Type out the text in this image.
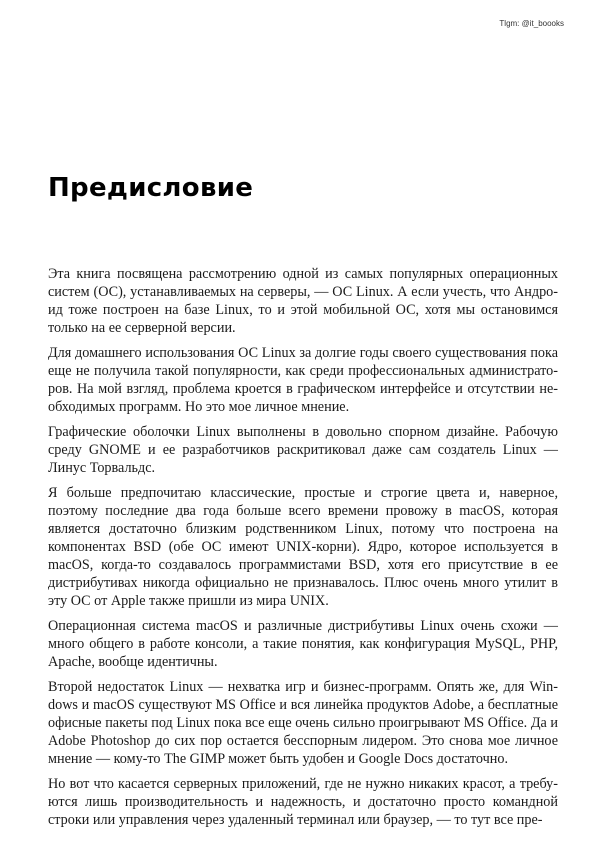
Tlgm: @it_boooks
Предисловие

Эта книга посвящена рассмотрению одной из самых популярных операционных систем (ОС), устанавливаемых на серверы, — ОС Linux. А если учесть, что Андроид тоже построен на базе Linux, то и этой мобильной ОС, хотя мы остановимся только на ее серверной версии.

Для домашнего использования ОС Linux за долгие годы своего существования пока еще не получила такой популярности, как среди профессиональных администраторов. На мой взгляд, проблема кроется в графическом интерфейсе и отсутствии необходимых программ. Но это мое личное мнение.

Графические оболочки Linux выполнены в довольно спорном дизайне. Рабочую среду GNOME и ее разработчиков раскритиковал даже сам создатель Linux — Линус Торвальдс.

Я больше предпочитаю классические, простые и строгие цвета и, наверное, поэтому последние два года больше всего времени провожу в macOS, которая является достаточно близким родственником Linux, потому что построена на компонентах BSD (обе ОС имеют UNIX-корни). Ядро, которое используется в macOS, когда-то создавалось программистами BSD, хотя его присутствие в ее дистрибутивах никогда официально не признавалось. Плюс очень много утилит в эту ОС от Apple также пришли из мира UNIX.

Операционная система macOS и различные дистрибутивы Linux очень схожи — много общего в работе консоли, а такие понятия, как конфигурация MySQL, PHP, Apache, вообще идентичны.

Второй недостаток Linux — нехватка игр и бизнес-программ. Опять же, для Windows и macOS существуют MS Office и вся линейка продуктов Adobe, а бесплатные офисные пакеты под Linux пока все еще очень сильно проигрывают MS Office. Да и Adobe Photoshop до сих пор остается бесспорным лидером. Это снова мое личное мнение — кому-то The GIMP может быть удобен и Google Docs достаточно.

Но вот что касается серверных приложений, где не нужно никаких красот, а требуются лишь производительность и надежность, и достаточно просто командной строки или управления через удаленный терминал или браузер, — то тут все пре-
